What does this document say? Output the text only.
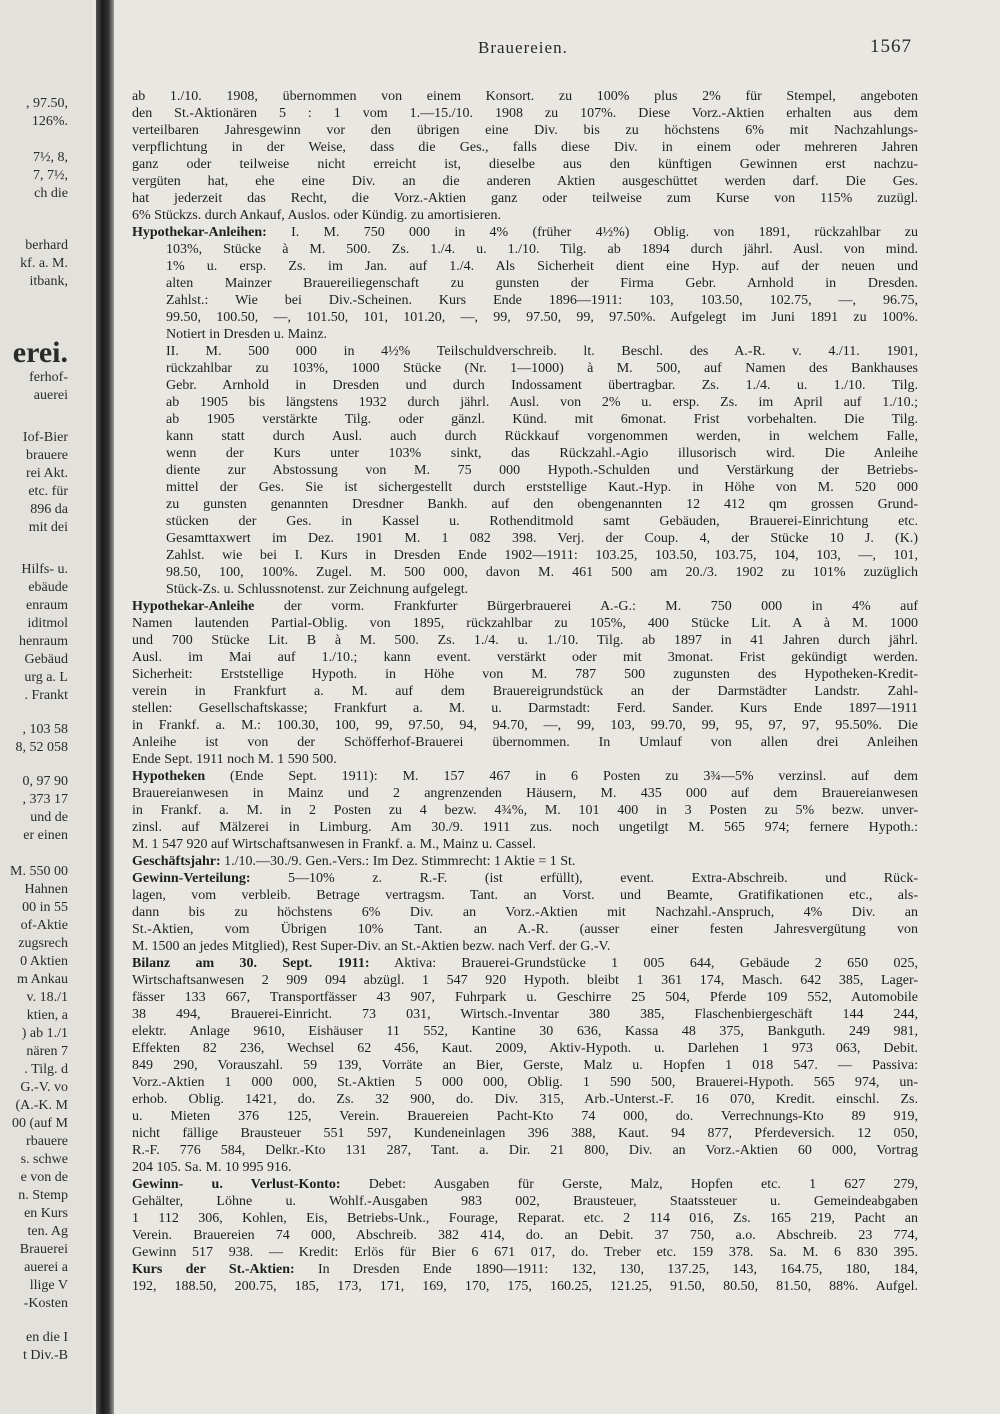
, 97.50,
126%.
7½, 8,
7, 7½,
ch die
berhard
kf. a. M.
itbank,
erei.
ferhof-
auerei
Iof-Bier
brauere
rei Akt.
etc. für
896 da
mit dei
Hilfs- u.
ebäude
enraum
iditmol
henraum
Gebäud
urg a. L
. Frankt
, 103 58
8, 52 058
0, 97 90
, 373 17
und de
er einen
M. 550 00
Hahnen
00 in 55
of-Aktie
zugsrech
0 Aktien
m Ankau
v. 18./1
ktien, a
) ab 1./1
nären 7
. Tilg. d
G.-V. vo
(A.-K. M
00 (auf M
rbauere
s. schwe
e von de
n. Stemp
en Kurs
ten. Ag
Brauerei
auerei a
llige V
-Kosten
en die I
t Div.-B
Brauereien.	1567
ab 1./10. 1908, übernommen von einem Konsort. zu 100% plus 2% für Stempel, angeboten
den St.-Aktionären 5 : 1 vom 1.—15./10. 1908 zu 107%. Diese Vorz.-Aktien erhalten aus dem
verteilbaren Jahresgewinn vor den übrigen eine Div. bis zu höchstens 6% mit Nachzahlungs-
verpflichtung in der Weise, dass die Ges., falls diese Div. in einem oder mehreren Jahren
ganz oder teilweise nicht erreicht ist, dieselbe aus den künftigen Gewinnen erst nachzu-
vergüten hat, ehe eine Div. an die anderen Aktien ausgeschüttet werden darf. Die Ges.
hat jederzeit das Recht, die Vorz.-Aktien ganz oder teilweise zum Kurse von 115% zuzügl.
6% Stückzs. durch Ankauf, Auslos. oder Kündig. zu amortisieren.
Hypothekar-Anleihen: I. M. 750 000 in 4% (früher 4½%) Oblig. von 1891, rückzahlbar zu
103%, Stücke à M. 500. Zs. 1./4. u. 1./10. Tilg. ab 1894 durch jährl. Ausl. von mind.
1% u. ersp. Zs. im Jan. auf 1./4. Als Sicherheit dient eine Hyp. auf der neuen und
alten Mainzer Brauereiliegenschaft zu gunsten der Firma Gebr. Arnhold in Dresden.
Zahlst.: Wie bei Div.-Scheinen. Kurs Ende 1896—1911: 103, 103.50, 102.75, —, 96.75,
99.50, 100.50, —, 101.50, 101, 101.20, —, 99, 97.50, 99, 97.50%. Aufgelegt im Juni 1891 zu 100%.
Notiert in Dresden u. Mainz.
II. M. 500 000 in 4½% Teilschuldverschreib. lt. Beschl. des A.-R. v. 4./11. 1901,
rückzahlbar zu 103%, 1000 Stücke (Nr. 1—1000) à M. 500, auf Namen des Bankhauses
Gebr. Arnhold in Dresden und durch Indossament übertragbar. Zs. 1./4. u. 1./10. Tilg.
ab 1905 bis längstens 1932 durch jährl. Ausl. von 2% u. ersp. Zs. im April auf 1./10.;
ab 1905 verstärkte Tilg. oder gänzl. Künd. mit 6monat. Frist vorbehalten. Die Tilg.
kann statt durch Ausl. auch durch Rückkauf vorgenommen werden, in welchem Falle,
wenn der Kurs unter 103% sinkt, das Rückzahl.-Agio illusorisch wird. Die Anleihe
diente zur Abstossung von M. 75 000 Hypoth.-Schulden und Verstärkung der Betriebs-
mittel der Ges. Sie ist sichergestellt durch erststellige Kaut.-Hyp. in Höhe von M. 520 000
zu gunsten genannten Dresdner Bankh. auf den obengenannten 12 412 qm grossen Grund-
stücken der Ges. in Kassel u. Rothenditmold samt Gebäuden, Brauerei-Einrichtung etc.
Gesamttaxwert im Dez. 1901 M. 1 082 398. Verj. der Coup. 4, der Stücke 10 J. (K.)
Zahlst. wie bei I. Kurs in Dresden Ende 1902—1911: 103.25, 103.50, 103.75, 104, 103, —, 101,
98.50, 100, 100%. Zugel. M. 500 000, davon M. 461 500 am 20./3. 1902 zu 101% zuzüglich
Stück-Zs. u. Schlussnotenst. zur Zeichnung aufgelegt.
Hypothekar-Anleihe der vorm. Frankfurter Bürgerbrauerei A.-G.: M. 750 000 in 4% auf
Namen lautenden Partial-Oblig. von 1895, rückzahlbar zu 105%, 400 Stücke Lit. A à M. 1000
und 700 Stücke Lit. B à M. 500. Zs. 1./4. u. 1./10. Tilg. ab 1897 in 41 Jahren durch jährl.
Ausl. im Mai auf 1./10.; kann event. verstärkt oder mit 3monat. Frist gekündigt werden.
Sicherheit: Erststellige Hypoth. in Höhe von M. 787 500 zugunsten des Hypotheken-Kredit-
verein in Frankfurt a. M. auf dem Brauereigrundstück an der Darmstädter Landstr. Zahl-
stellen: Gesellschaftskasse; Frankfurt a. M. u. Darmstadt: Ferd. Sander. Kurs Ende 1897—1911
in Frankf. a. M.: 100.30, 100, 99, 97.50, 94, 94.70, —, 99, 103, 99.70, 99, 95, 97, 97, 95.50%. Die
Anleihe ist von der Schöfferhof-Brauerei übernommen. In Umlauf von allen drei Anleihen
Ende Sept. 1911 noch M. 1 590 500.
Hypotheken (Ende Sept. 1911): M. 157 467 in 6 Posten zu 3¾—5% verzinsl. auf dem
Brauereianwesen in Mainz und 2 angrenzenden Häusern, M. 435 000 auf dem Brauereianwesen
in Frankf. a. M. in 2 Posten zu 4 bezw. 4¾%, M. 101 400 in 3 Posten zu 5% bezw. unver-
zinsl. auf Mälzerei in Limburg. Am 30./9. 1911 zus. noch ungetilgt M. 565 974; fernere Hypoth.:
M. 1 547 920 auf Wirtschaftsanwesen in Frankf. a. M., Mainz u. Cassel.
Geschäftsjahr: 1./10.—30./9. Gen.-Vers.: Im Dez. Stimmrecht: 1 Aktie = 1 St.
Gewinn-Verteilung: 5—10% z. R.-F. (ist erfüllt), event. Extra-Abschreib. und Rück-
lagen, vom verbleib. Betrage vertragsm. Tant. an Vorst. und Beamte, Gratifikationen etc., als-
dann bis zu höchstens 6% Div. an Vorz.-Aktien mit Nachzahl.-Anspruch, 4% Div. an
St.-Aktien, vom Übrigen 10% Tant. an A.-R. (ausser einer festen Jahresvergütung von
M. 1500 an jedes Mitglied), Rest Super-Div. an St.-Aktien bezw. nach Verf. der G.-V.
Bilanz am 30. Sept. 1911: Aktiva: Brauerei-Grundstücke 1 005 644, Gebäude 2 650 025,
Wirtschaftsanwesen 2 909 094 abzügl. 1 547 920 Hypoth. bleibt 1 361 174, Masch. 642 385, Lager-
fässer 133 667, Transportfässer 43 907, Fuhrpark u. Geschirre 25 504, Pferde 109 552, Automobile
38 494, Brauerei-Einricht. 73 031, Wirtsch.-Inventar 380 385, Flaschenbiergeschäft 144 244,
elektr. Anlage 9610, Eishäuser 11 552, Kantine 30 636, Kassa 48 375, Bankguth. 249 981,
Effekten 82 236, Wechsel 62 456, Kaut. 2009, Aktiv-Hypoth. u. Darlehen 1 973 063, Debit.
849 290, Vorauszahl. 59 139, Vorräte an Bier, Gerste, Malz u. Hopfen 1 018 547. — Passiva:
Vorz.-Aktien 1 000 000, St.-Aktien 5 000 000, Oblig. 1 590 500, Brauerei-Hypoth. 565 974, un-
erhob. Oblig. 1421, do. Zs. 32 900, do. Div. 315, Arb.-Unterst.-F. 16 070, Kredit. einschl. Zs.
u. Mieten 376 125, Verein. Brauereien Pacht-Kto 74 000, do. Verrechnungs-Kto 89 919,
nicht fällige Brausteuer 551 597, Kundeneinlagen 396 388, Kaut. 94 877, Pferdeversich. 12 050,
R.-F. 776 584, Delkr.-Kto 131 287, Tant. a. Dir. 21 800, Div. an Vorz.-Aktien 60 000, Vortrag
204 105. Sa. M. 10 995 916.
Gewinn- u. Verlust-Konto: Debet: Ausgaben für Gerste, Malz, Hopfen etc. 1 627 279,
Gehälter, Löhne u. Wohlf.-Ausgaben 983 002, Brausteuer, Staatssteuer u. Gemeindeabgaben
1 112 306, Kohlen, Eis, Betriebs-Unk., Fourage, Reparat. etc. 2 114 016, Zs. 165 219, Pacht an
Verein. Brauereien 74 000, Abschreib. 382 414, do. an Debit. 37 750, a.o. Abschreib. 23 774,
Gewinn 517 938. — Kredit: Erlös für Bier 6 671 017, do. Treber etc. 159 378. Sa. M. 6 830 395.
Kurs der St.-Aktien: In Dresden Ende 1890—1911: 132, 130, 137.25, 143, 164.75, 180, 184,
192, 188.50, 200.75, 185, 173, 171, 169, 170, 175, 160.25, 121.25, 91.50, 80.50, 81.50, 88%. Aufgel.
